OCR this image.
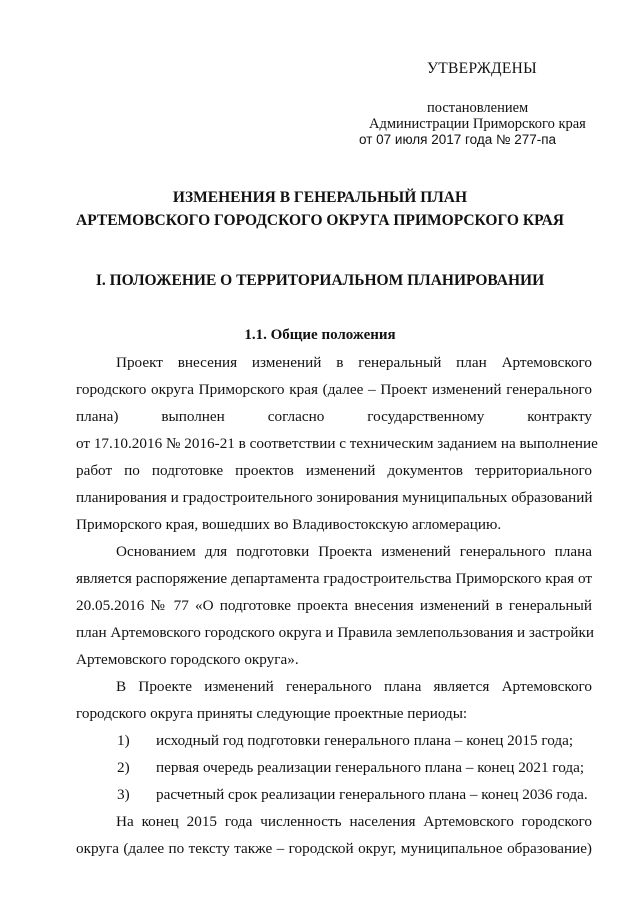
УТВЕРЖДЕНЫ
постановлением
Администрации Приморского края
от 07 июля 2017 года № 277-па
ИЗМЕНЕНИЯ В ГЕНЕРАЛЬНЫЙ ПЛАН
АРТЕМОВСКОГО ГОРОДСКОГО ОКРУГА ПРИМОРСКОГО КРАЯ
I. ПОЛОЖЕНИЕ О ТЕРРИТОРИАЛЬНОМ ПЛАНИРОВАНИИ
1.1. Общие положения
Проект внесения изменений в генеральный план Артемовского
городского округа Приморского края (далее – Проект изменений генерального
плана) выполнен согласно государственному контракту
от 17.10.2016 № 2016-21 в соответствии с техническим заданием на выполнение
работ по подготовке проектов изменений документов территориального
планирования и градостроительного зонирования муниципальных образований
Приморского края, вошедших во Владивостокскую агломерацию.
Основанием для подготовки Проекта изменений генерального плана
является распоряжение департамента градостроительства Приморского края от
20.05.2016 № 77 «О подготовке проекта внесения изменений в генеральный
план Артемовского городского округа и Правила землепользования и застройки
Артемовского городского округа».
В Проекте изменений генерального плана является Артемовского
городского округа приняты следующие проектные периоды:
1) исходный год подготовки генерального плана – конец 2015 года;
2) первая очередь реализации генерального плана – конец 2021 года;
3) расчетный срок реализации генерального плана – конец 2036 года.
На конец 2015 года численность населения Артемовского городского
округа (далее по тексту также – городской округ, муниципальное образование)
